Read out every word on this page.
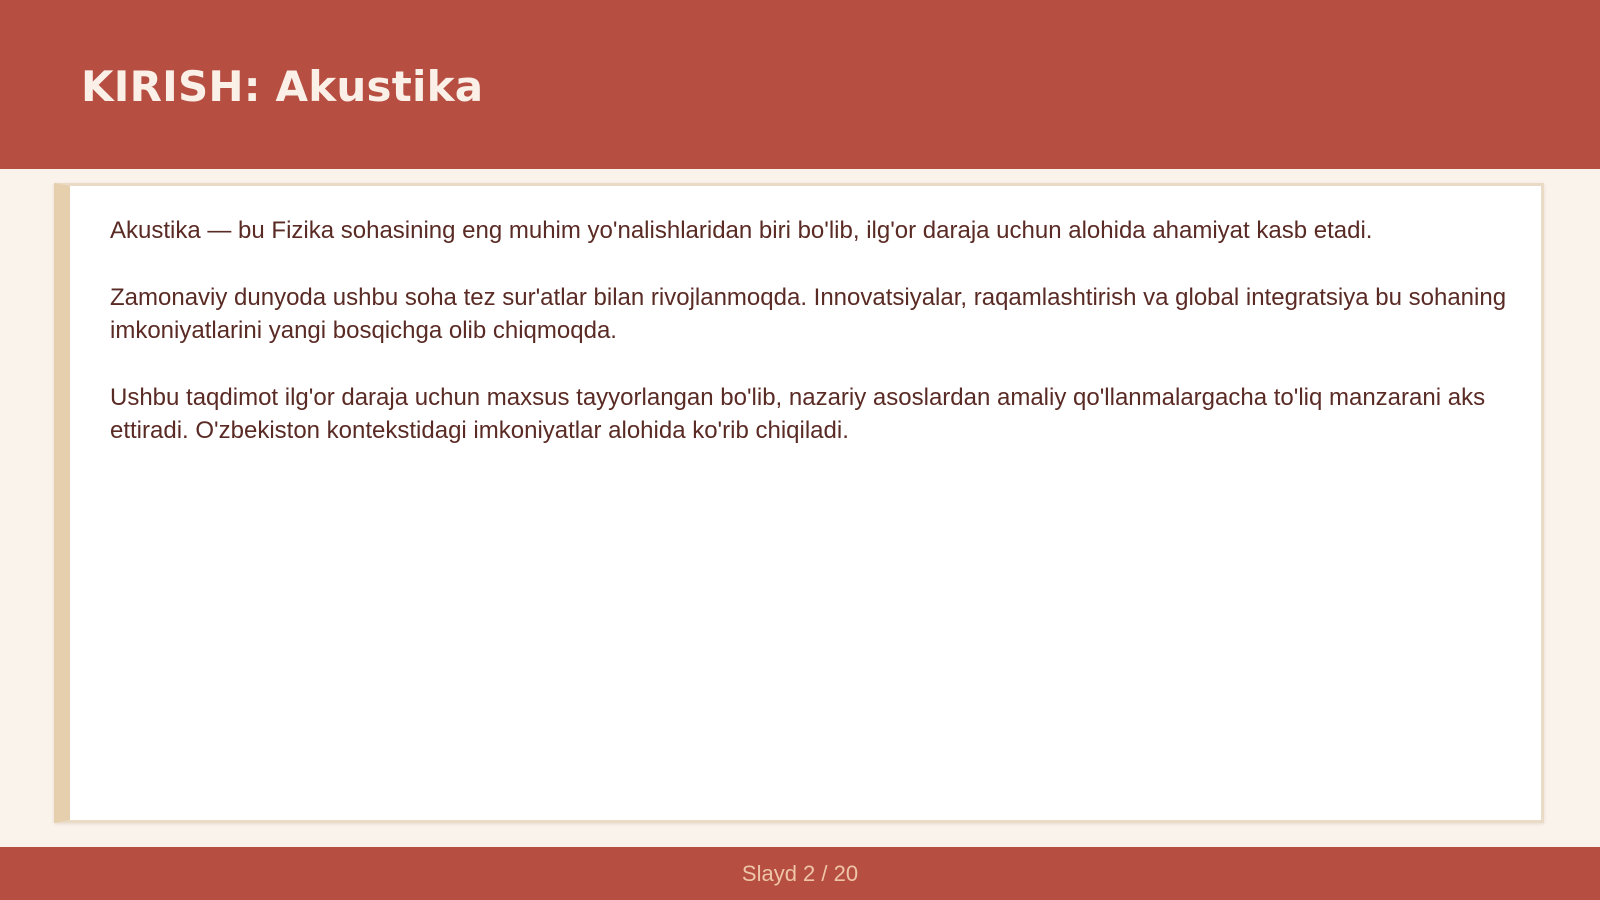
KIRISH: Akustika

Akustika — bu Fizika sohasining eng muhim yo'nalishlaridan biri bo'lib, ilg'or daraja uchun alohida ahamiyat kasb etadi.

Zamonaviy dunyoda ushbu soha tez sur'atlar bilan rivojlanmoqda. Innovatsiyalar, raqamlashtirish va global integratsiya bu sohaning imkoniyatlarini yangi bosqichga olib chiqmoqda.

Ushbu taqdimot ilg'or daraja uchun maxsus tayyorlangan bo'lib, nazariy asoslardan amaliy qo'llanmalargacha to'liq manzarani aks ettiradi. O'zbekiston kontekstidagi imkoniyatlar alohida ko'rib chiqiladi.

Slayd 2 / 20
